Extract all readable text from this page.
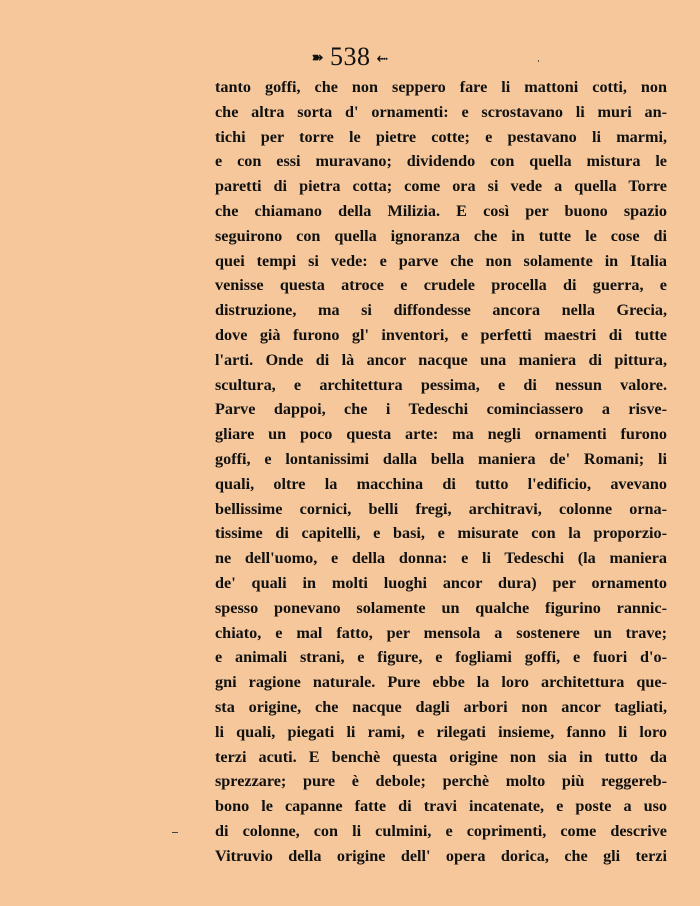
➽ 538 ⬸
tanto goffi, che non seppero fare li mattoni cotti, non
che altra sorta d' ornamenti: e scrostavano li muri an-
tichi per torre le pietre cotte; e pestavano li marmi,
e con essi muravano; dividendo con quella mistura le
paretti di pietra cotta; come ora si vede a quella Torre
che chiamano della Milizia. E così per buono spazio
seguirono con quella ignoranza che in tutte le cose di
quei tempi si vede: e parve che non solamente in Italia
venisse questa atroce e crudele procella di guerra, e
distruzione, ma si diffondesse ancora nella Grecia,
dove già furono gl' inventori, e perfetti maestri di tutte
l'arti. Onde di là ancor nacque una maniera di pittura,
scultura, e architettura pessima, e di nessun valore.
Parve dappoi, che i Tedeschi cominciassero a risve-
gliare un poco questa arte: ma negli ornamenti furono
goffi, e lontanissimi dalla bella maniera de' Romani; li
quali, oltre la macchina di tutto l'edificio, avevano
bellissime cornici, belli fregi, architravi, colonne orna-
tissime di capitelli, e basi, e misurate con la proporzio-
ne dell'uomo, e della donna: e li Tedeschi (la maniera
de' quali in molti luoghi ancor dura) per ornamento
spesso ponevano solamente un qualche figurino rannic-
chiato, e mal fatto, per mensola a sostenere un trave;
e animali strani, e figure, e fogliami goffi, e fuori d'o-
gni ragione naturale. Pure ebbe la loro architettura que-
sta origine, che nacque dagli arbori non ancor tagliati,
li quali, piegati li rami, e rilegati insieme, fanno li loro
terzi acuti. E benchè questa origine non sia in tutto da
sprezzare; pure è debole; perchè molto più reggereb-
bono le capanne fatte di travi incatenate, e poste a uso
di colonne, con li culmini, e coprimenti, come descrive
Vitruvio della origine dell' opera dorica, che gli terzi
